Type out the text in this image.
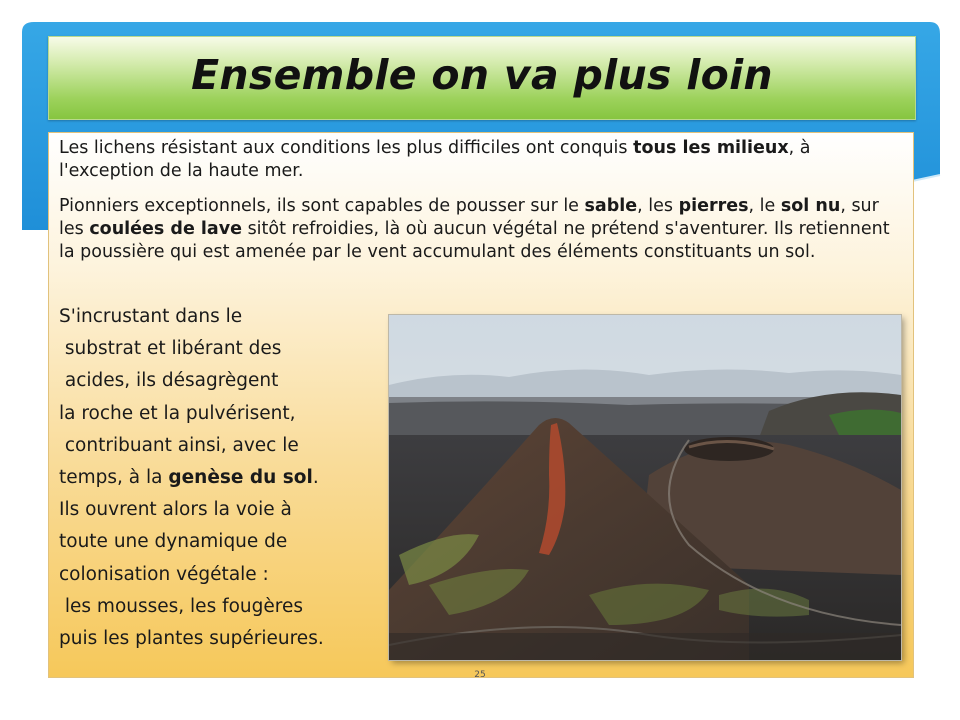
Ensemble on va plus loin

Les lichens résistant aux conditions les plus difficiles ont conquis tous les milieux, à l'exception de la haute mer.

Pionniers exceptionnels, ils sont capables de pousser sur le sable, les pierres, le sol nu, sur les coulées de lave sitôt refroidies, là où aucun végétal ne prétend s'aventurer. Ils retiennent la poussière qui est amenée par le vent accumulant des éléments constituants un sol.

S'incrustant dans le
substrat et libérant des
acides, ils désagrègent
la roche et la pulvérisent,
contribuant ainsi, avec le
temps, à la genèse du sol.
Ils ouvrent alors la voie à
toute une dynamique de
colonisation végétale :
les mousses, les fougères
puis les plantes supérieures.
25
